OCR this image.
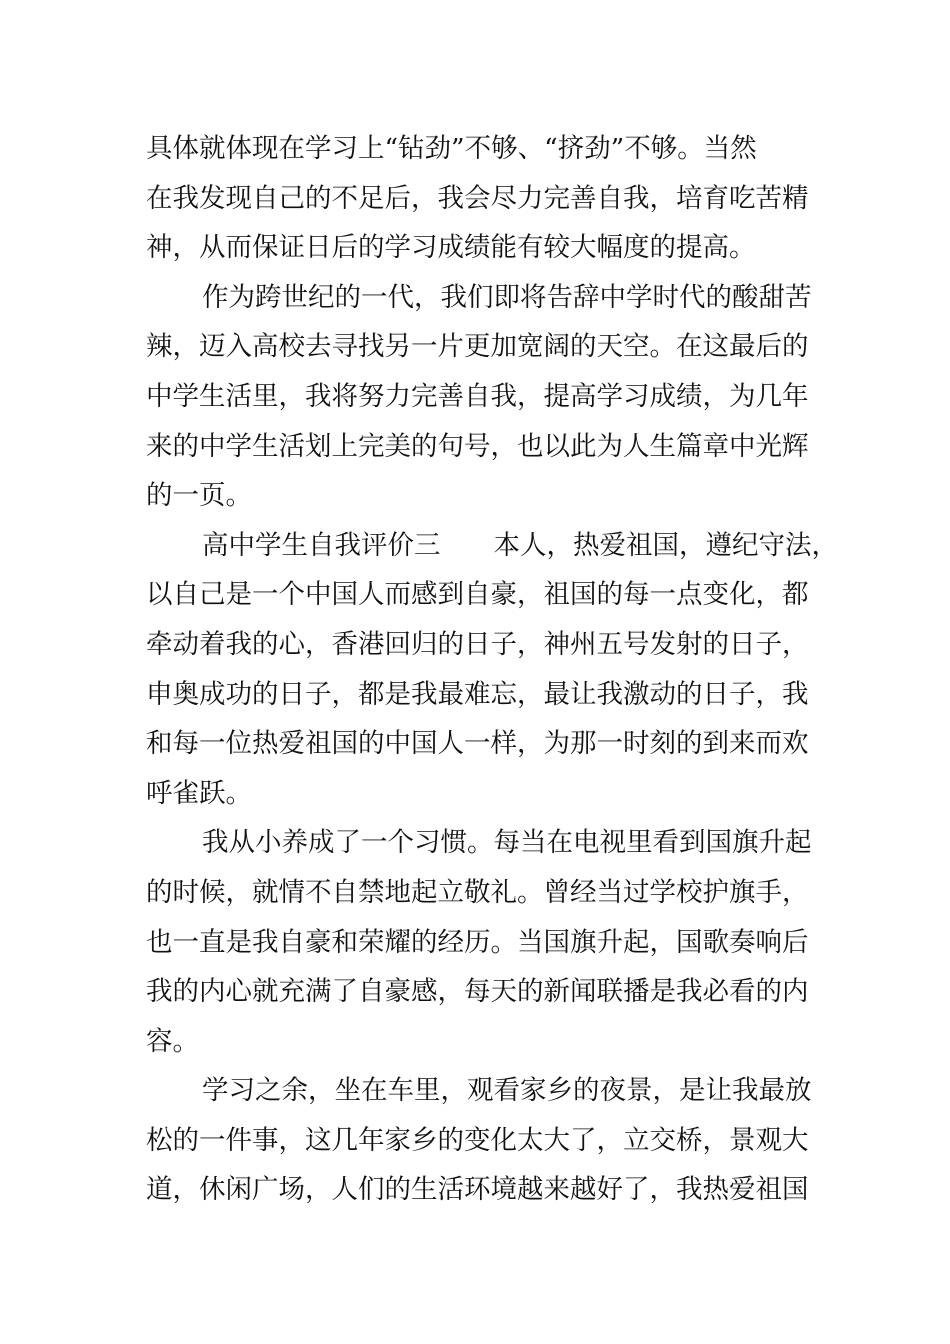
具体就体现在学习上“钻劲”不够、“挤劲”不够。当然
在我发现自己的不足后，我会尽力完善自我，培育吃苦精
神，从而保证日后的学习成绩能有较大幅度的提高。
作为跨世纪的一代，我们即将告辞中学时代的酸甜苦
辣，迈入高校去寻找另一片更加宽阔的天空。在这最后的
中学生活里，我将努力完善自我，提高学习成绩，为几年
来的中学生活划上完美的句号，也以此为人生篇章中光辉
的一页。
高中学生自我评价三　　本人，热爱祖国，遵纪守法，
以自己是一个中国人而感到自豪，祖国的每一点变化，都
牵动着我的心，香港回归的日子，神州五号发射的日子，
申奥成功的日子，都是我最难忘，最让我激动的日子，我
和每一位热爱祖国的中国人一样，为那一时刻的到来而欢
呼雀跃。
我从小养成了一个习惯。每当在电视里看到国旗升起
的时候，就情不自禁地起立敬礼。曾经当过学校护旗手，
也一直是我自豪和荣耀的经历。当国旗升起，国歌奏响后
我的内心就充满了自豪感，每天的新闻联播是我必看的内
容。
学习之余，坐在车里，观看家乡的夜景，是让我最放
松的一件事，这几年家乡的变化太大了，立交桥，景观大
道，休闲广场，人们的生活环境越来越好了，我热爱祖国
